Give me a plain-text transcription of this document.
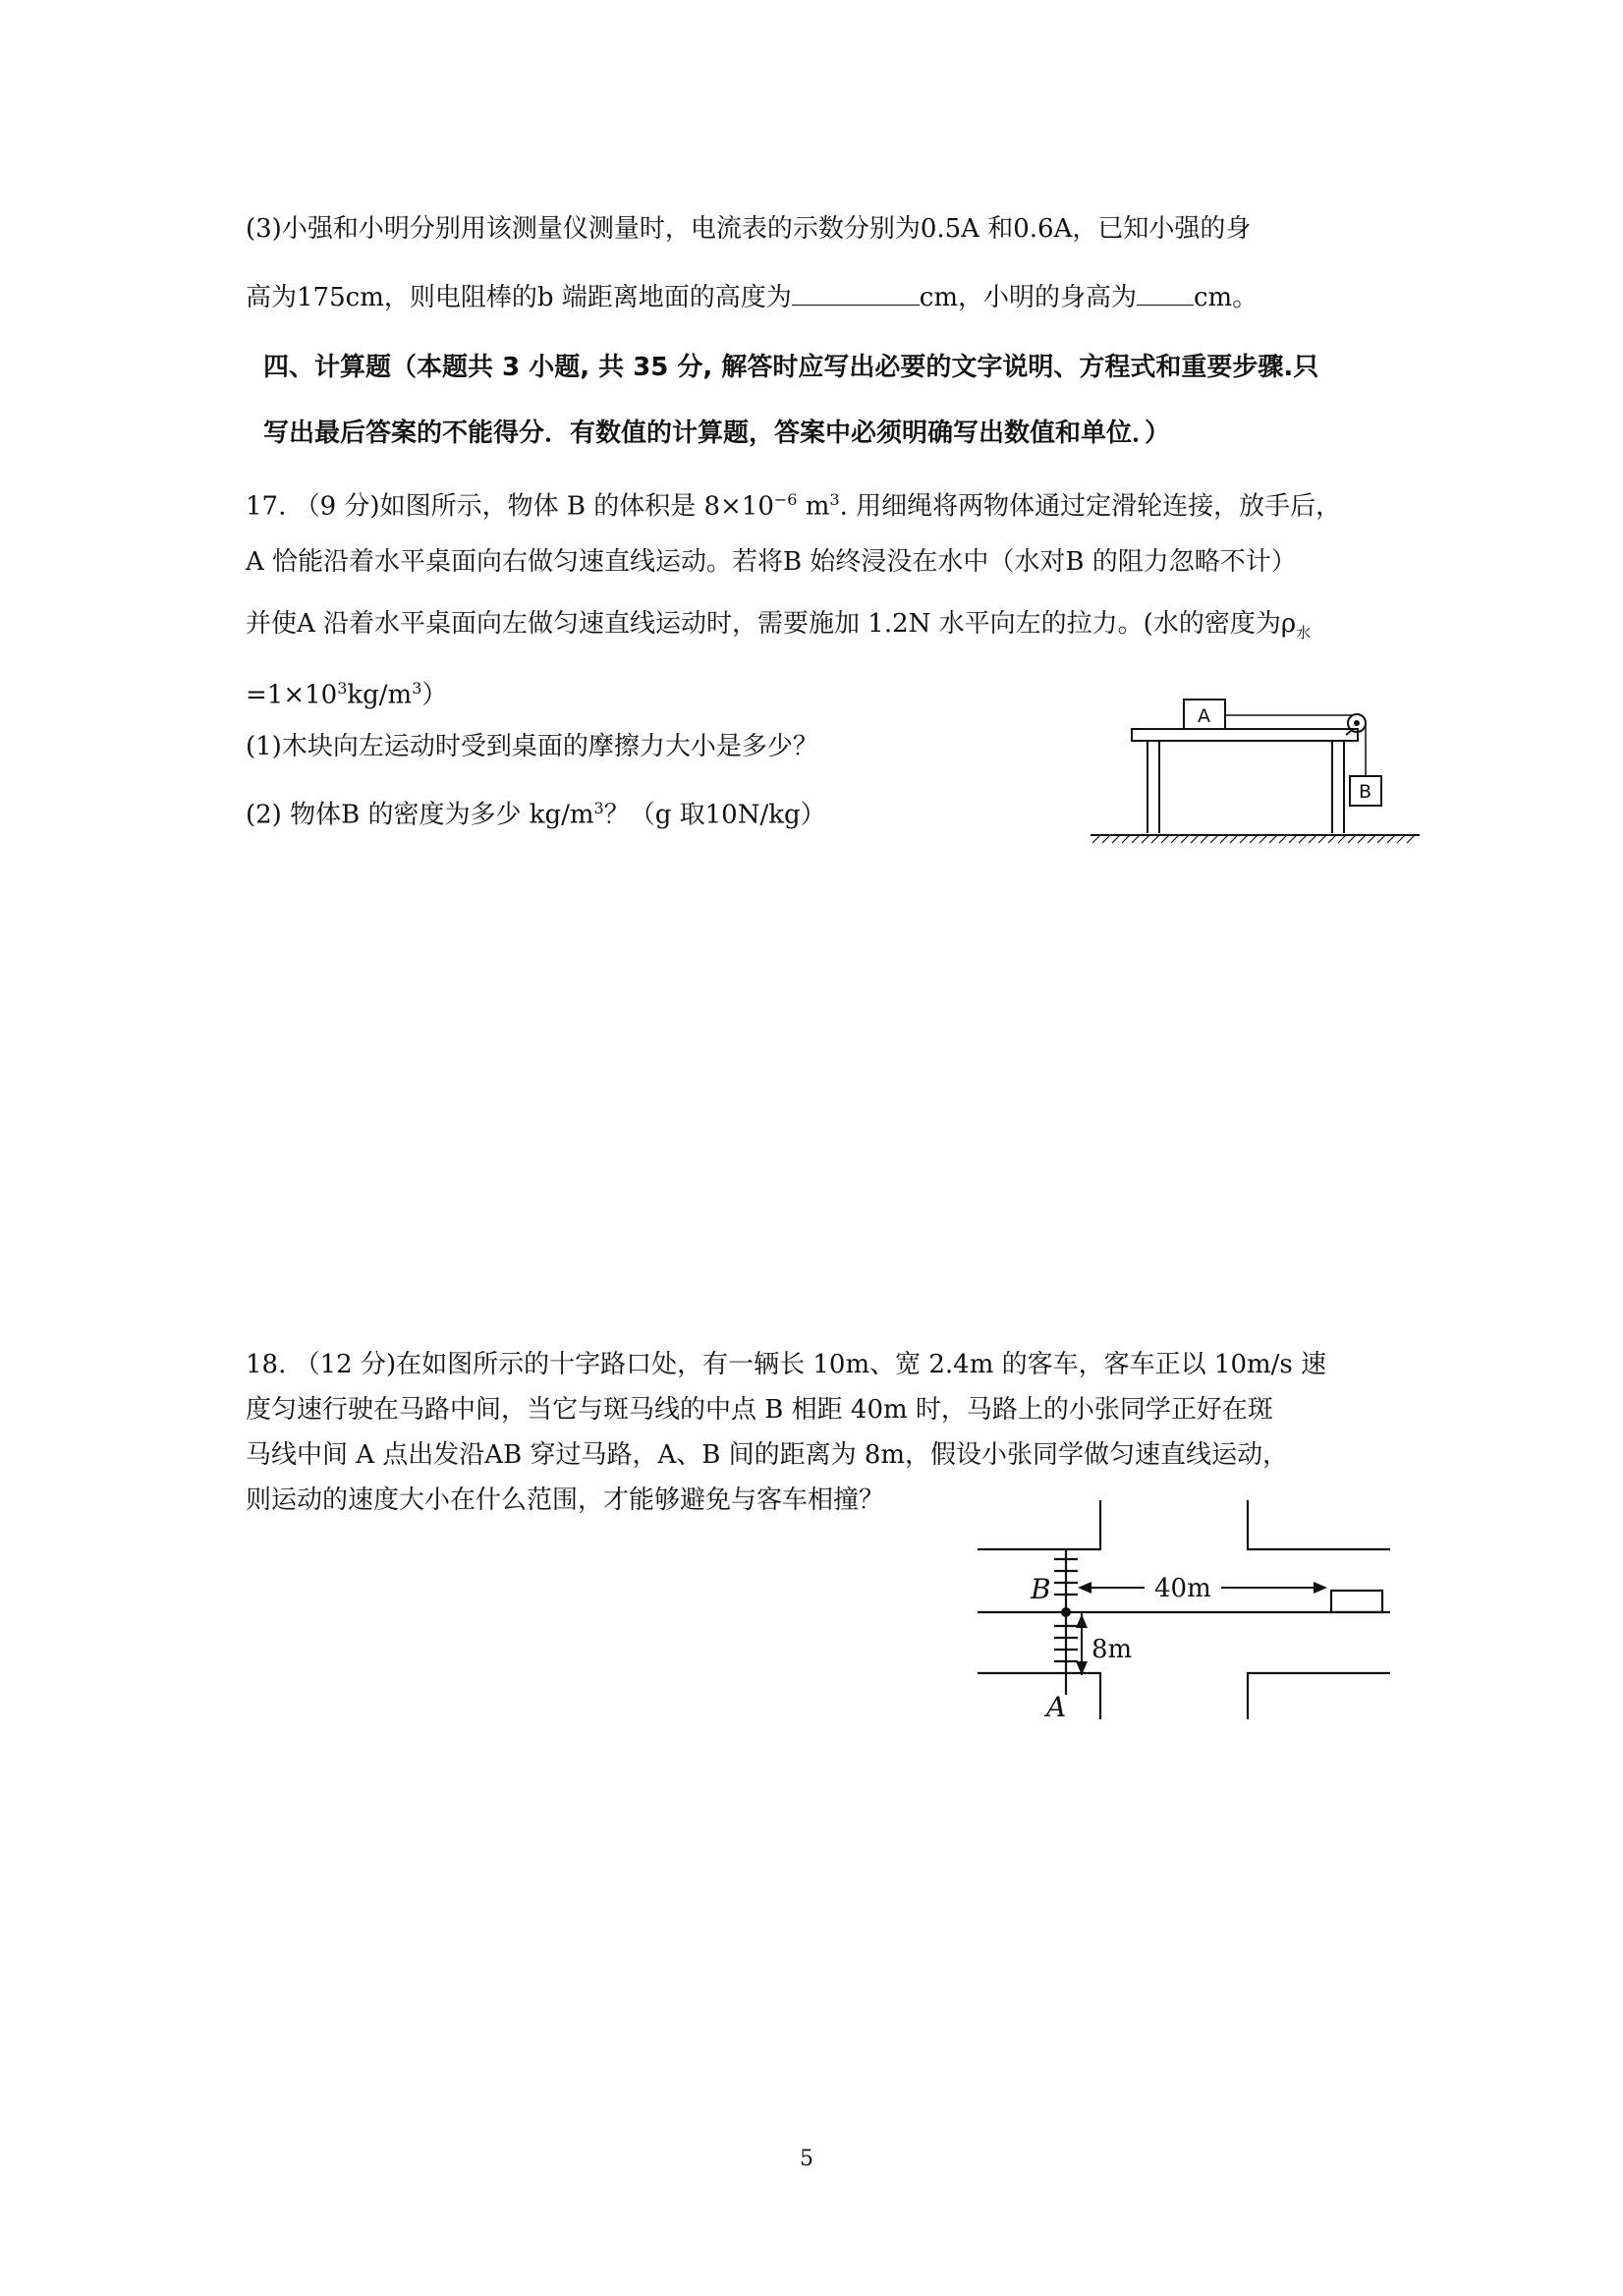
(3)小强和小明分别用该测量仪测量时，电流表的示数分别为0.5A 和0.6A，已知小强的身
高为175cm，则电阻棒的b 端距离地面的高度为	cm，小明的身高为 cm。
四、计算题（本题共 3 小题, 共 35 分, 解答时应写出必要的文字说明、方程式和重要步骤.只
写出最后答案的不能得分．有数值的计算题，答案中必须明确写出数值和单位．）
17. （9 分)如图所示，物体 B 的体积是 $8\times 10^{-6}$ $m^3$. 用细绳将两物体通过定滑轮连接，放手后，
A 恰能沿着水平桌面向右做匀速直线运动。若将B 始终浸没在水中（水对B 的阻力忽略不计）
并使A 沿着水平桌面向左做匀速直线运动时，需要施加 1.2N 水平向左的拉力。(水的密度为$\rho_水$
$=1\times 10^3kg/m^3$）
(1)木块向左运动时受到桌面的摩擦力大小是多少？
(2) 物体B 的密度为多少 $kg/m^3$？（g 取10N/kg）
A
B
18. （12 分)在如图所示的十字路口处，有一辆长 10m、宽 2.4m 的客车，客车正以 10m/s 速
度匀速行驶在马路中间，当它与斑马线的中点 B 相距 40m 时，马路上的小张同学正好在斑
马线中间 A 点出发沿AB 穿过马路，A、B 间的距离为 8m，假设小张同学做匀速直线运动，
则运动的速度大小在什么范围，才能够避免与客车相撞？
B
A
40m
8m
5
